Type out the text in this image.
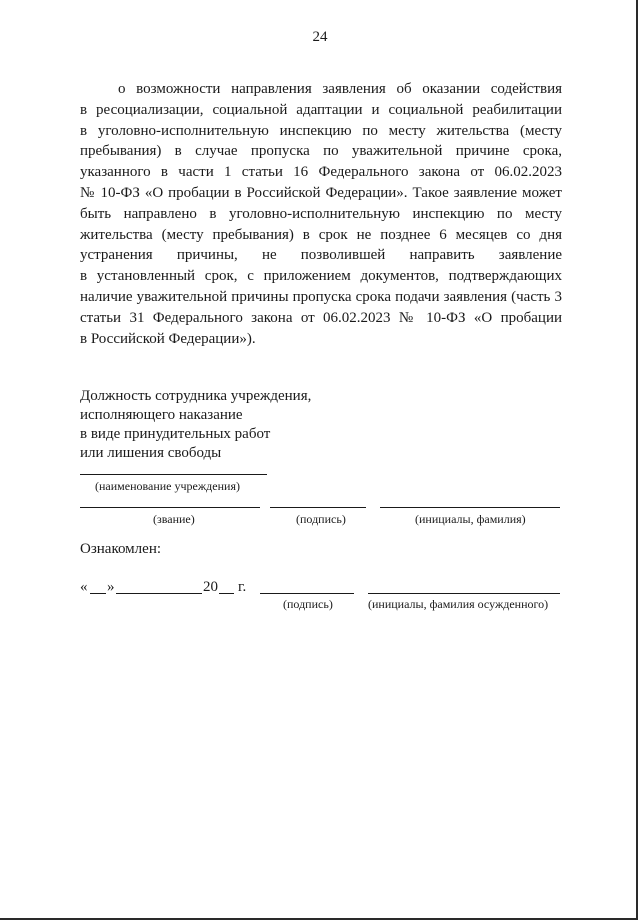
24
о возможности направления заявления об оказании содействия
в ресоциализации, социальной адаптации и социальной реабилитации
в уголовно-исполнительную инспекцию по месту жительства (месту
пребывания) в случае пропуска по уважительной причине срока,
указанного в части 1 статьи 16 Федерального закона от 06.02.2023
№ 10-ФЗ «О пробации в Российской Федерации». Такое заявление может
быть направлено в уголовно-исполнительную инспекцию по месту
жительства (месту пребывания) в срок не позднее 6 месяцев со дня
устранения причины, не позволившей направить заявление
в установленный срок, с приложением документов, подтверждающих
наличие уважительной причины пропуска срока подачи заявления (часть 3
статьи 31 Федерального закона от 06.02.2023 № 10-ФЗ «О пробации
в Российской Федерации»).
Должность сотрудника учреждения,
исполняющего наказание
в виде принудительных работ
или лишения свободы
(наименование учреждения)
(звание)	(подпись)	(инициалы, фамилия)
Ознакомлен:
« »	20 г.
(подпись)	(инициалы, фамилия осужденного)
